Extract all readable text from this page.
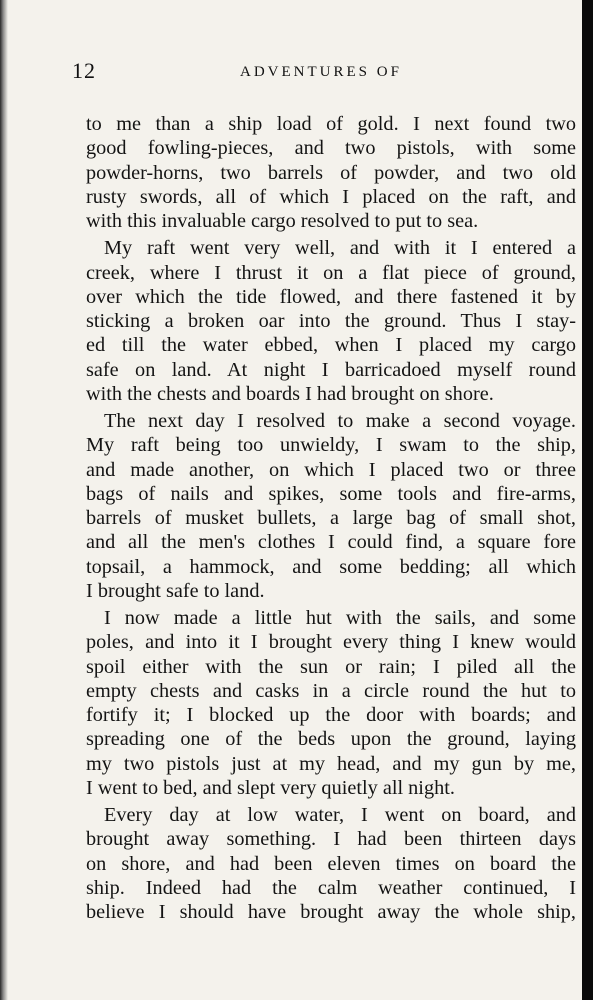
12	ADVENTURES OF
to me than a ship load of gold. I next found two
good fowling-pieces, and two pistols, with some
powder-horns, two barrels of powder, and two old
rusty swords, all of which I placed on the raft, and
with this invaluable cargo resolved to put to sea.
My raft went very well, and with it I entered a
creek, where I thrust it on a flat piece of ground,
over which the tide flowed, and there fastened it by
sticking a broken oar into the ground. Thus I stay-
ed till the water ebbed, when I placed my cargo
safe on land. At night I barricadoed myself round
with the chests and boards I had brought on shore.
The next day I resolved to make a second voyage.
My raft being too unwieldy, I swam to the ship,
and made another, on which I placed two or three
bags of nails and spikes, some tools and fire-arms,
barrels of musket bullets, a large bag of small shot,
and all the men's clothes I could find, a square fore
topsail, a hammock, and some bedding; all which
I brought safe to land.
I now made a little hut with the sails, and some
poles, and into it I brought every thing I knew would
spoil either with the sun or rain; I piled all the
empty chests and casks in a circle round the hut to
fortify it; I blocked up the door with boards; and
spreading one of the beds upon the ground, laying
my two pistols just at my head, and my gun by me,
I went to bed, and slept very quietly all night.
Every day at low water, I went on board, and
brought away something. I had been thirteen days
on shore, and had been eleven times on board the
ship. Indeed had the calm weather continued, I
believe I should have brought away the whole ship,
